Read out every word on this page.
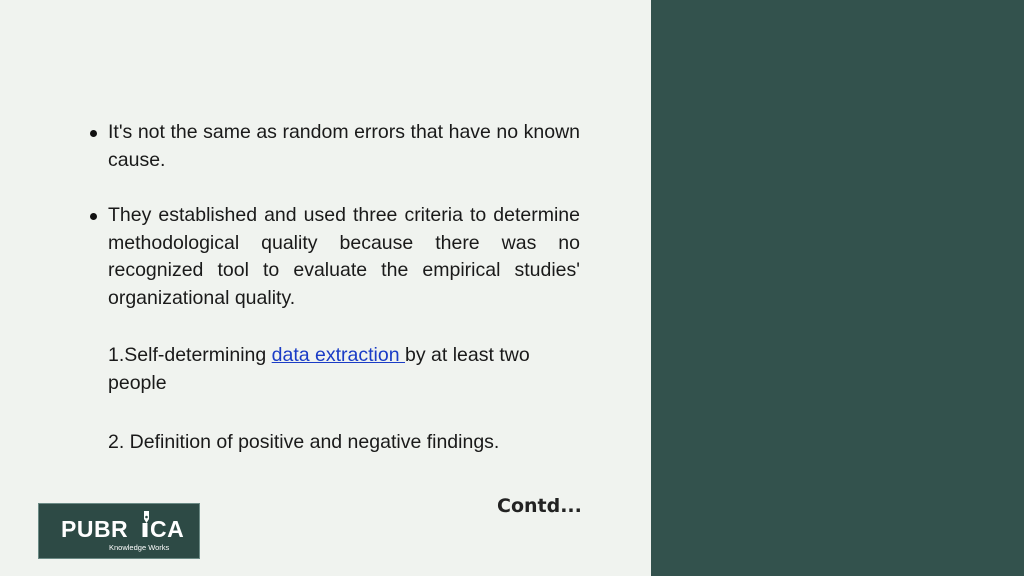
It's not the same as random errors that have no known cause.
They established and used three criteria to determine methodological quality because there was no recognized tool to evaluate the empirical studies' organizational quality.
1.Self-determining data extraction by at least two people
2. Definition of positive and negative findings.
Contd...
PUBR CA
Knowledge Works
